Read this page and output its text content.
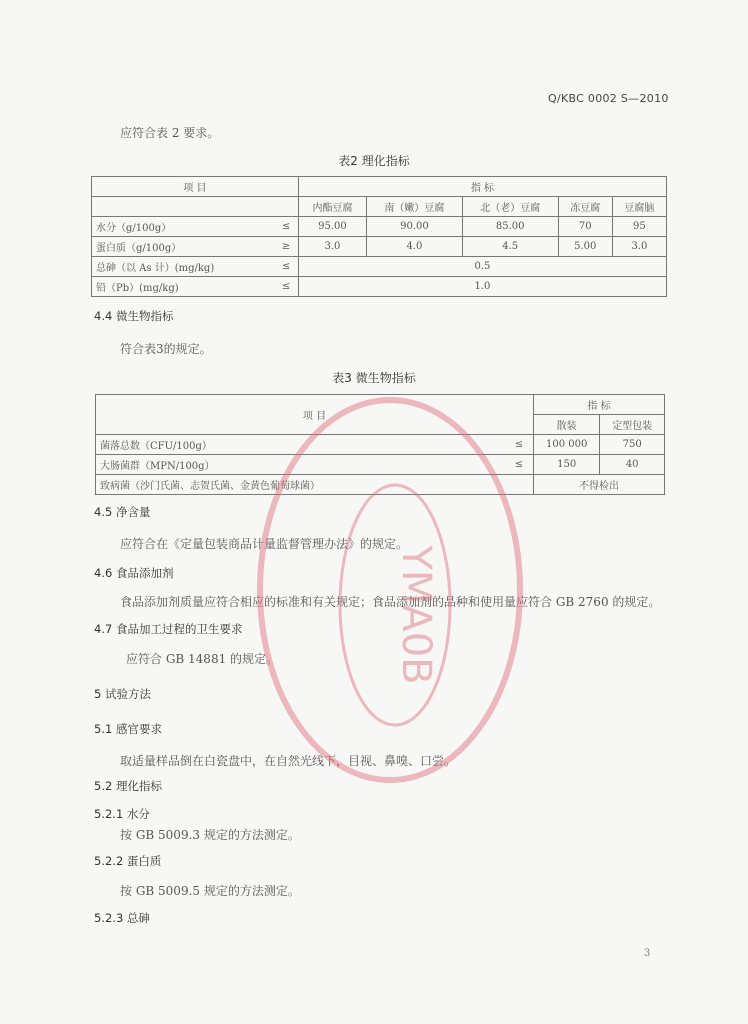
Q/KBC 0002 S—2010
应符合表 2 要求。
表2 理化指标
项 目		指 标				
		内酯豆腐	南（嫩）豆腐	北（老）豆腐	冻豆腐	豆腐脑
水分（g/100g）	≤	95.00	90.00	85.00	70	95
蛋白质（g/100g）	≥	3.0	4.0	4.5	5.00	3.0
总砷（以 As 计）(mg/kg)	≤	0.5				
铅（Pb）(mg/kg)	≤	1.0				
4.4 微生物指标
符合表3的规定。
表3 微生物指标
项 目		指 标	
		散装	定型包装
菌落总数（CFU/100g）	≤	100 000	750
大肠菌群（MPN/100g）	≤	150	40
致病菌（沙门氏菌、志贺氏菌、金黄色葡萄球菌）		不得检出	
4.5 净含量
应符合在《定量包装商品计量监督管理办法》的规定。
4.6 食品添加剂
食品添加剂质量应符合相应的标准和有关规定；食品添加剂的品种和使用量应符合 GB 2760 的规定。
4.7 食品加工过程的卫生要求
应符合 GB 14881 的规定。
5 试验方法
5.1 感官要求
取适量样品倒在白瓷盘中，在自然光线下，目视、鼻嗅、口尝。
5.2 理化指标
5.2.1 水分
按 GB 5009.3 规定的方法测定。
5.2.2 蛋白质
按 GB 5009.5 规定的方法测定。
5.2.3 总砷
3
YMA0B
